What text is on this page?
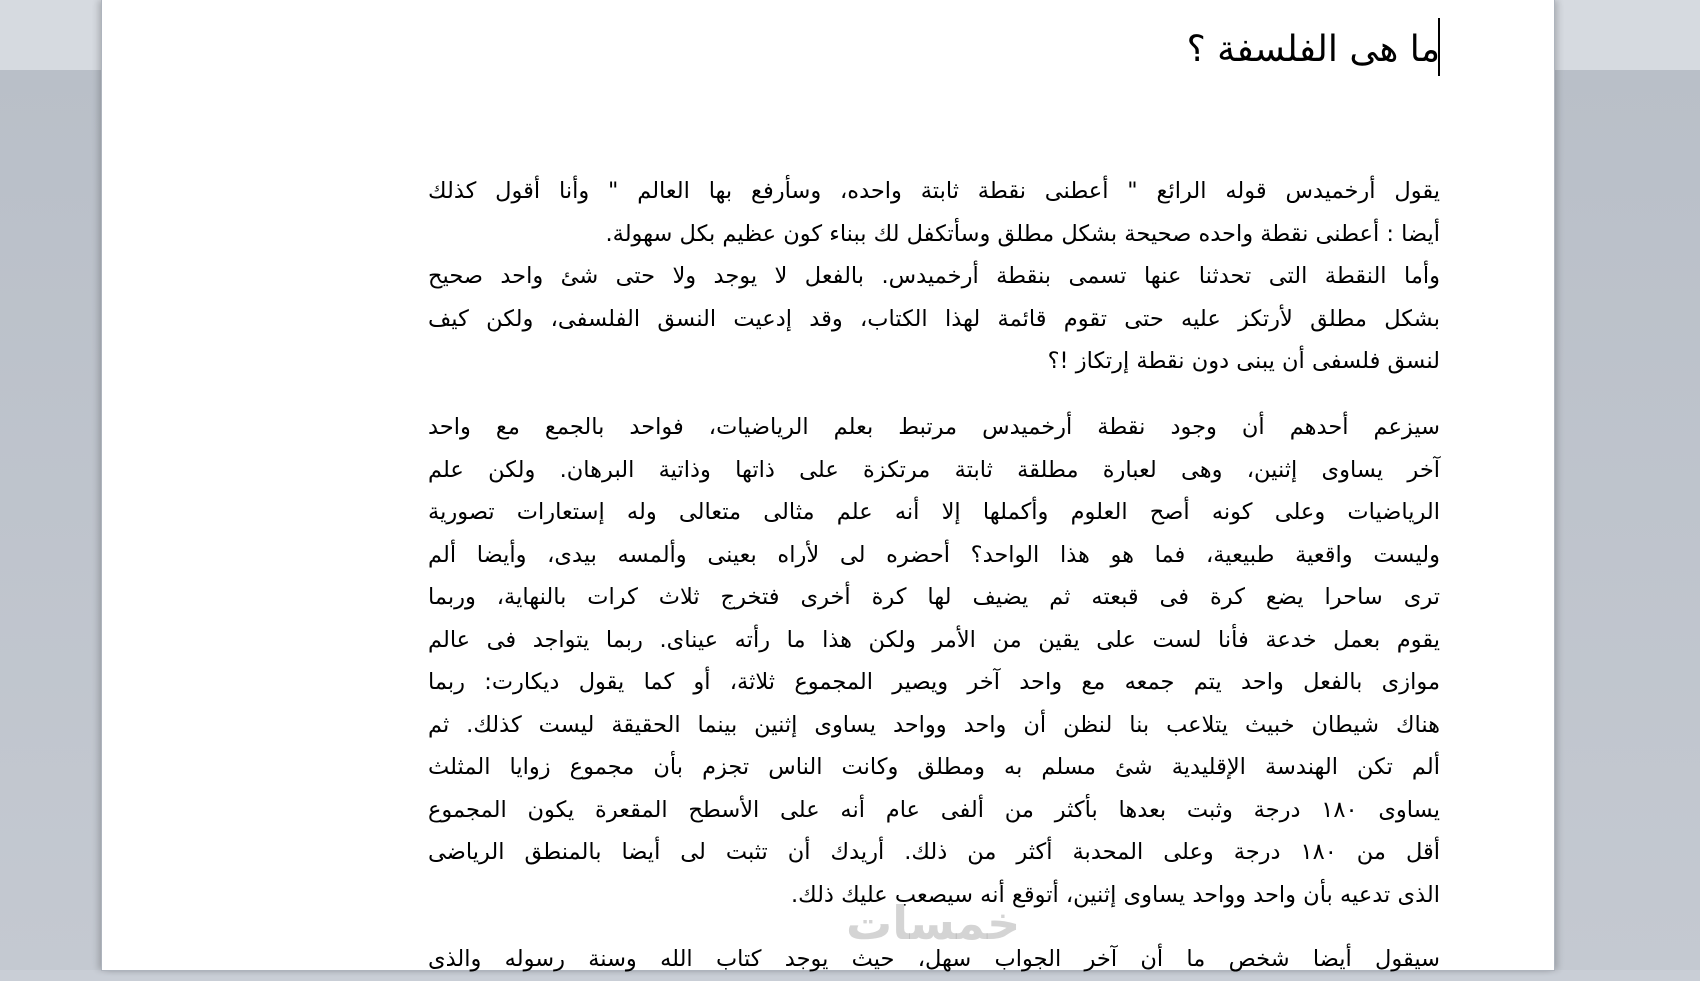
ما هى الفلسفة ؟

يقول أرخميدس قوله الرائع " أعطنى نقطة ثابتة واحده، وسأرفع بها العالم " وأنا أقول كذلك
أيضا : أعطنى نقطة واحده صحيحة بشكل مطلق وسأتكفل لك ببناء كون عظيم بكل سهولة.
وأما النقطة التى تحدثنا عنها تسمى بنقطة أرخميدس. بالفعل لا يوجد ولا حتى شئ واحد صحيح
بشكل مطلق لأرتكز عليه حتى تقوم قائمة لهذا الكتاب، وقد إدعيت النسق الفلسفى، ولكن كيف
لنسق فلسفى أن يبنى دون نقطة إرتكاز !؟

سيزعم أحدهم أن وجود نقطة أرخميدس مرتبط بعلم الرياضيات، فواحد بالجمع مع واحد
آخر يساوى إثنين، وهى لعبارة مطلقة ثابتة مرتكزة على ذاتها وذاتية البرهان. ولكن علم
الرياضيات وعلى كونه أصح العلوم وأكملها إلا أنه علم مثالى متعالى وله إستعارات تصورية
وليست واقعية طبيعية، فما هو هذا الواحد؟ أحضره لى لأراه بعينى وألمسه بيدى، وأيضا ألم
ترى ساحرا يضع كرة فى قبعته ثم يضيف لها كرة أخرى فتخرج ثلاث كرات بالنهاية، وربما
يقوم بعمل خدعة فأنا لست على يقين من الأمر ولكن هذا ما رأته عيناى. ربما يتواجد فى عالم
موازى بالفعل واحد يتم جمعه مع واحد آخر ويصير المجموع ثلاثة، أو كما يقول ديكارت: ربما
هناك شيطان خبيث يتلاعب بنا لنظن أن واحد وواحد يساوى إثنين بينما الحقيقة ليست كذلك. ثم
ألم تكن الهندسة الإقليدية شئ مسلم به ومطلق وكانت الناس تجزم بأن مجموع زوايا المثلث
يساوى ١٨٠ درجة وثبت بعدها بأكثر من ألفى عام أنه على الأسطح المقعرة يكون المجموع
أقل من ١٨٠ درجة وعلى المحدبة أكثر من ذلك. أريدك أن تثبت لى أيضا بالمنطق الرياضى
الذى تدعيه بأن واحد وواحد يساوى إثنين، أتوقع أنه سيصعب عليك ذلك.

سيقول أيضا شخص ما أن آخر الجواب سهل، حيث يوجد كتاب الله وسنة رسوله والذى

خمسات
